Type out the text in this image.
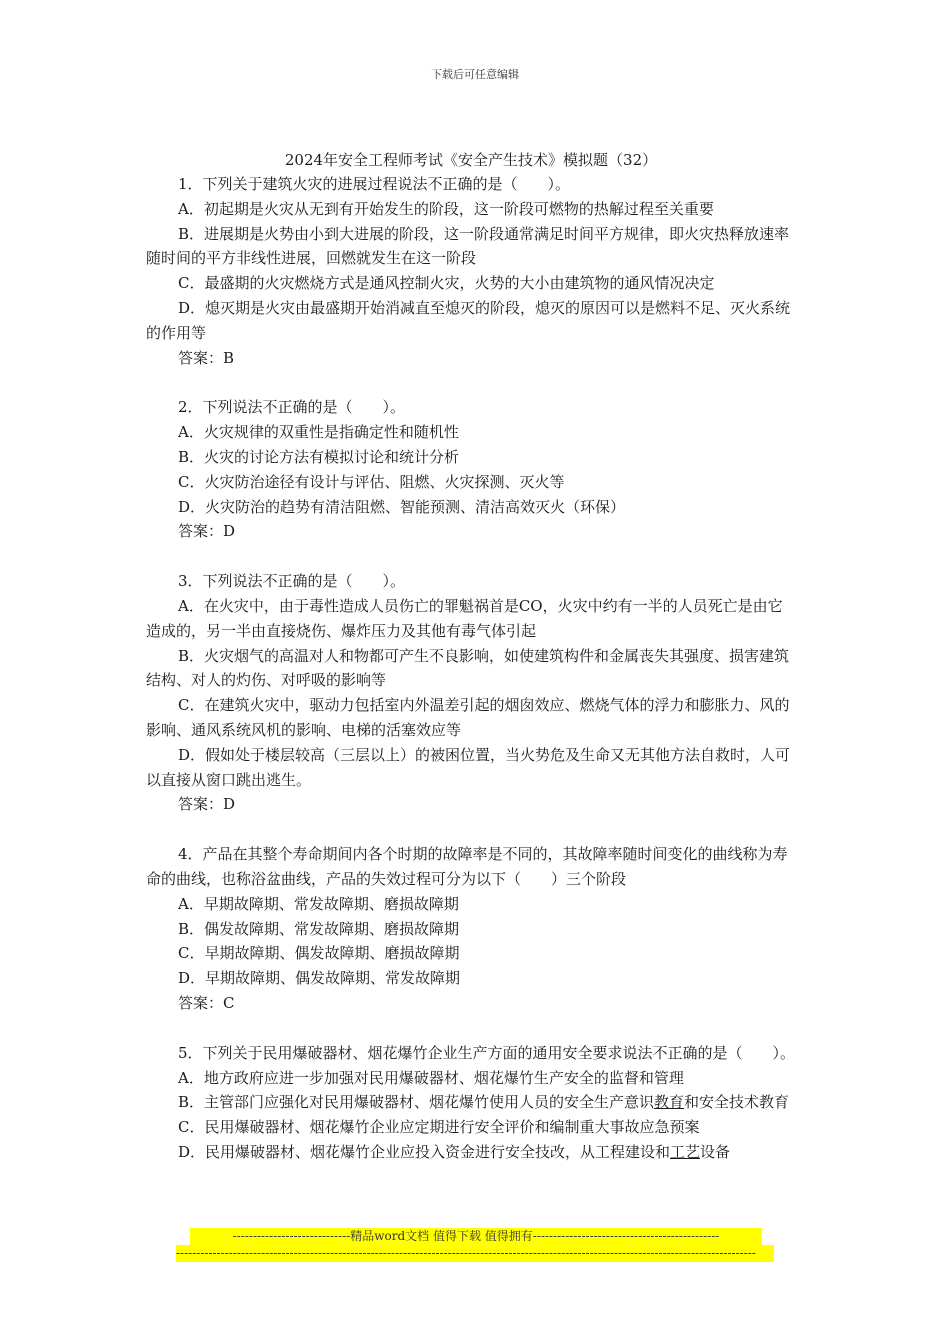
下载后可任意编辑
2024年安全工程师考试《安全产生技术》模拟题（32）
1．下列关于建筑火灾的进展过程说法不正确的是（　　）。
A．初起期是火灾从无到有开始发生的阶段，这一阶段可燃物的热解过程至关重要
B．进展期是火势由小到大进展的阶段，这一阶段通常满足时间平方规律，即火灾热释放速率随时间的平方非线性进展，回燃就发生在这一阶段
C．最盛期的火灾燃烧方式是通风控制火灾，火势的大小由建筑物的通风情况决定
D．熄灭期是火灾由最盛期开始消减直至熄灭的阶段，熄灭的原因可以是燃料不足、灭火系统的作用等
答案：B
2．下列说法不正确的是（　　）。
A．火灾规律的双重性是指确定性和随机性
B．火灾的讨论方法有模拟讨论和统计分析
C．火灾防治途径有设计与评估、阻燃、火灾探测、灭火等
D．火灾防治的趋势有清洁阻燃、智能预测、清洁高效灭火（环保）
答案：D
3．下列说法不正确的是（　　）。
A．在火灾中，由于毒性造成人员伤亡的罪魁祸首是CO，火灾中约有一半的人员死亡是由它造成的，另一半由直接烧伤、爆炸压力及其他有毒气体引起
B．火灾烟气的高温对人和物都可产生不良影响，如使建筑构件和金属丧失其强度、损害建筑结构、对人的灼伤、对呼吸的影响等
C．在建筑火灾中，驱动力包括室内外温差引起的烟囱效应、燃烧气体的浮力和膨胀力、风的影响、通风系统风机的影响、电梯的活塞效应等
D．假如处于楼层较高（三层以上）的被困位置，当火势危及生命又无其他方法自救时，人可以直接从窗口跳出逃生。
答案：D
4．产品在其整个寿命期间内各个时期的故障率是不同的，其故障率随时间变化的曲线称为寿命的曲线，也称浴盆曲线，产品的失效过程可分为以下（　　）三个阶段
A．早期故障期、常发故障期、磨损故障期
B．偶发故障期、常发故障期、磨损故障期
C．早期故障期、偶发故障期、磨损故障期
D．早期故障期、偶发故障期、常发故障期
答案：C
5．下列关于民用爆破器材、烟花爆竹企业生产方面的通用安全要求说法不正确的是（　　）。
A．地方政府应进一步加强对民用爆破器材、烟花爆竹生产安全的监督和管理
B．主管部门应强化对民用爆破器材、烟花爆竹使用人员的安全生产意识教育和安全技术教育
C．民用爆破器材、烟花爆竹企业应定期进行安全评价和编制重大事故应急预案
D．民用爆破器材、烟花爆竹企业应投入资金进行安全技改，从工程建设和工艺设备
-----------------------------精品word文档 值得下载 值得拥有----------------------------------------------
-----------------------------------------------------------------------------------------------------------------------------------------------
